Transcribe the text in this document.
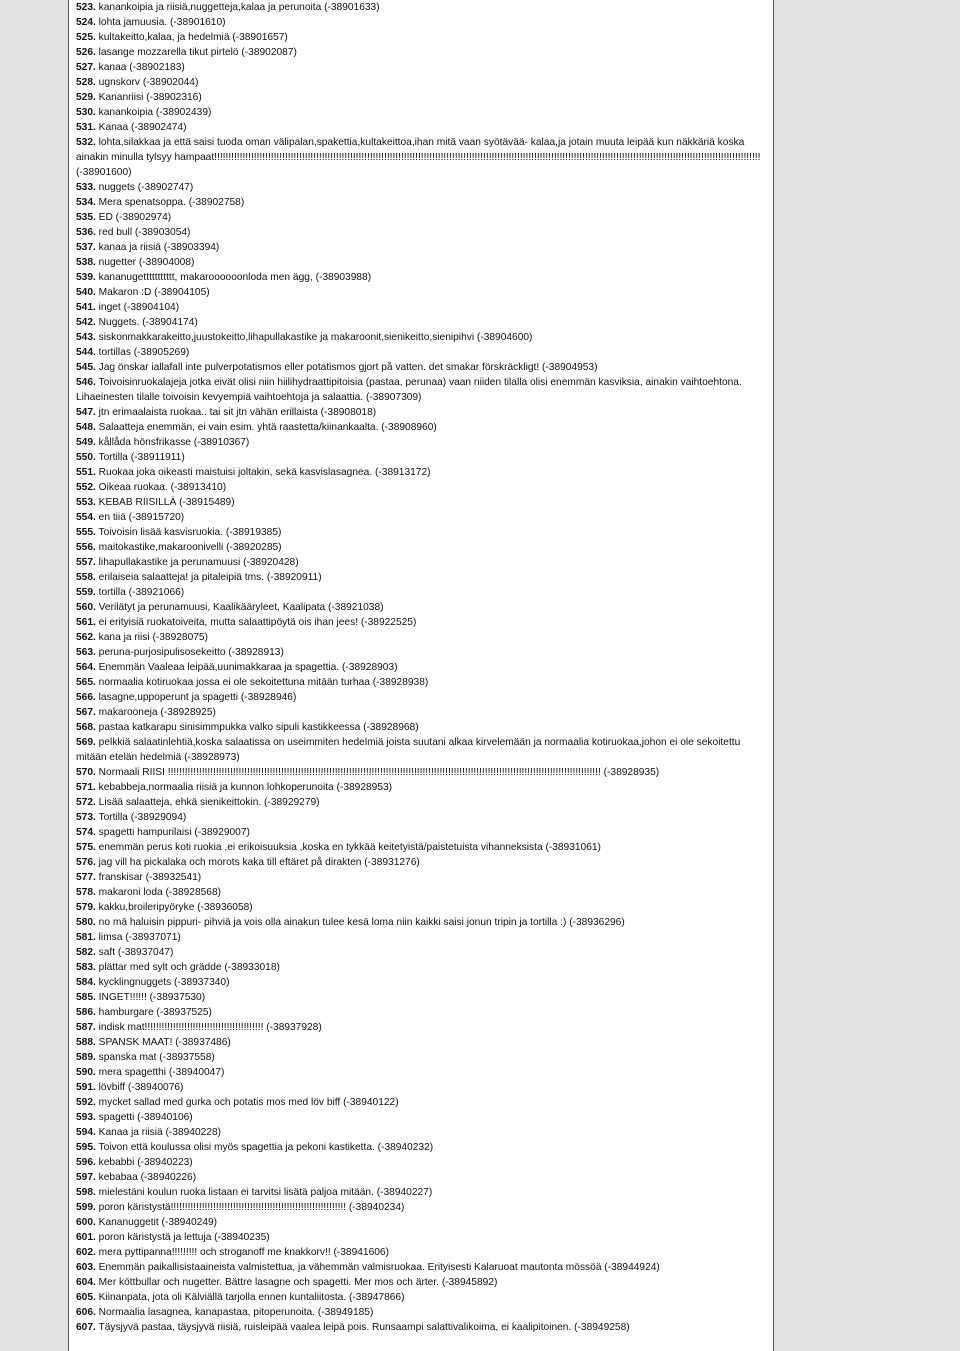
523. kanankoipia ja riisiä,nuggetteja,kalaa ja perunoita (-38901633)
524. lohta jamuusia. (-38901610)
525. kultakeitto,kalaa, ja hedelmiä (-38901657)
526. lasange mozzarella tikut pirtelö (-38902087)
527. kanaa (-38902183)
528. ugnskorv (-38902044)
529. Kananriisi (-38902316)
530. kanankoipia (-38902439)
531. Kanaa (-38902474)
532. lohta,silakkaa ja että saisi tuoda oman välipalan,spakettia,kultakeittoa,ihan mitä vaan syötävää- kalaa,ja jotain muuta leipää kun näkkäriä koska ainakin minulla tylsyy hampaat!!!!!!!!!!!!!!!!!!!!!!!!!!!!!!!!!!!!!!!!!!!!!!!!!!!!!!!!!!!!!!!!!!!!!!!!!!!!!!!!!!!!!!!!!!!!!!!!!!!!!!!!!!!!!!!!!!!!!!!!!!!!!!!!!!!!!!!!!!!!!!!!!!!!!!!!!!!!!!!!!!!!!!!!!!!!!!!!!!!!!!!!!!!!!!!!! (-38901600)
533. nuggets (-38902747)
534. Mera spenatsoppa. (-38902758)
535. ED (-38902974)
536. red bull (-38903054)
537. kanaa ja riisiä (-38903394)
538. nugetter (-38904008)
539. kananugettttttttttt, makaroooooonloda men ägg, (-38903988)
540. Makaron :D (-38904105)
541. inget (-38904104)
542. Nuggets. (-38904174)
543. siskonmakkarakeitto,juustokeitto,lihapullakastike ja makaroonit,sienikeitto,sienipihvi (-38904600)
544. tortillas (-38905269)
545. Jag önskar iallafall inte pulverpotatismos eller potatismos gjort på vatten. det smakar förskräckligt! (-38904953)
546. Toivoisinruokalajeja jotka eivät olisi niin hiilihydraattipitoisia (pastaa, perunaa) vaan niiden tilalla olisi enemmän kasviksia, ainakin vaihtoehtona. Lihaeinesten tilalle toivoisin kevyempiä vaihtoehtoja ja salaattia. (-38907309)
547. jtn erimaalaista ruokaa.. tai sit jtn vähän erillaista (-38908018)
548. Salaatteja enemmän, ei vain esim. yhtä raastetta/kiinankaalta. (-38908960)
549. kållåda hönsfrikasse (-38910367)
550. Tortilla (-38911911)
551. Ruokaa joka oikeasti maistuisi joltakin, sekä kasvislasagnea. (-38913172)
552. Oikeaa ruokaa. (-38913410)
553. KEBAB RIISILLÄ (-38915489)
554. en tiiä (-38915720)
555. Toivoisin lisää kasvisruokia. (-38919385)
556. maitokastike,makaroonivelli (-38920285)
557. lihapullakastike ja perunamuusi (-38920428)
558. erilaiseia salaatteja! ja pitaleipiä tms. (-38920911)
559. tortilla (-38921066)
560. Verilätyt ja perunamuusi, Kaalikääryleet, Kaalipata (-38921038)
561. ei erityisiä ruokatoiveita, mutta salaattipöytä ois ihan jees! (-38922525)
562. kana ja riisi (-38928075)
563. peruna-purjosipulisosekeitto (-38928913)
564. Enemmän Vaaleaa leipää,uunimakkaraa ja spagettia. (-38928903)
565. normaalia kotiruokaa jossa ei ole sekoitettuna mitään turhaa (-38928938)
566. lasagne,uppoperunt ja spagetti (-38928946)
567. makarooneja (-38928925)
568. pastaa katkarapu sinisimmpukka valko sipuli kastikkeessa (-38928968)
569. pelkkiä salaatinlehtiä,koska salaatissa on useimmiten hedelmiä joista suutani alkaa kirvelemään ja normaalia kotiruokaa,johon ei ole sekoitettu mitään etelän hedelmiä (-38928973)
570. Normaali RIISI !!!!!!!!!!!!!!!!!!!!!!!!!!!!!!!!!!!!!!!!!!!!!!!!!!!!!!!!!!!!!!!!!!!!!!!!!!!!!!!!!!!!!!!!!!!!!!!!!!!!!!!!!!!!!!!!!!!!!!!!!!!!!!!!!!!!!!!!!!!!!!!!!!!!!!!!! (-38928935)
571. kebabbeja,normaalia riisiä ja kunnon lohkoperunoita (-38928953)
572. Lisää salaatteja, ehkä sienikeittokin. (-38929279)
573. Tortilla (-38929094)
574. spagetti hampurilaisi (-38929007)
575. enemmän perus koti ruokia ,ei erikoisuuksia ,koska en tykkää keitetyistä/paistetuista vihanneksista (-38931061)
576. jag vill ha pickalaka och morots kaka till eftäret på dirakten (-38931276)
577. franskisar (-38932541)
578. makaroni loda (-38928568)
579. kakku,broileripyöryke (-38936058)
580. no mä haluisin pippuri- pihviä ja vois olla ainakun tulee kesä loma niin kaikki saisi jonun tripin ja tortilla :) (-38936296)
581. limsa (-38937071)
582. saft (-38937047)
583. plättar med sylt och grädde (-38933018)
584. kycklingnuggets (-38937340)
585. INGET!!!!!! (-38937530)
586. hamburgare (-38937525)
587. indisk mat!!!!!!!!!!!!!!!!!!!!!!!!!!!!!!!!!!!!!!!!!! (-38937928)
588. SPANSK MAAT! (-38937486)
589. spanska mat (-38937558)
590. mera spagetthi (-38940047)
591. lövbiff (-38940076)
592. mycket sallad med gurka och potatis mos med löv biff (-38940122)
593. spagetti (-38940106)
594. Kanaa ja riisiä (-38940228)
595. Toivon että koulussa olisi myös spagettia ja pekoni kastiketta. (-38940232)
596. kebabbi (-38940223)
597. kebabaa (-38940226)
598. mielestäni koulun ruoka listaan ei tarvitsi lisätä paljoa mitään. (-38940227)
599. poron käristystä!!!!!!!!!!!!!!!!!!!!!!!!!!!!!!!!!!!!!!!!!!!!!!!!!!!!!!!!!!!!!! (-38940234)
600. Kananuggetit (-38940249)
601. poron käristystä ja lettuja (-38940235)
602. mera pyttipanna!!!!!!!!! och stroganoff me knakkorv!! (-38941606)
603. Enemmän paikallisistaaineista valmistettua, ja vähemmän valmisruokaa. Erityisesti Kalaruoat mautonta mössöä (-38944924)
604. Mer köttbullar och nugetter. Bättre lasagne och spagetti. Mer mos och ärter. (-38945892)
605. Kiinanpata, jota oli Kälviällä tarjolla ennen kuntaliitosta. (-38947866)
606. Normaalia lasagnea, kanapastaa, pitoperunoita. (-38949185)
607. Täysjyvä pastaa, täysjyvä riisiä, ruisleipää vaalea leipä pois. Runsaampi salattivalikoima, ei kaalipitoinen. (-38949258)
